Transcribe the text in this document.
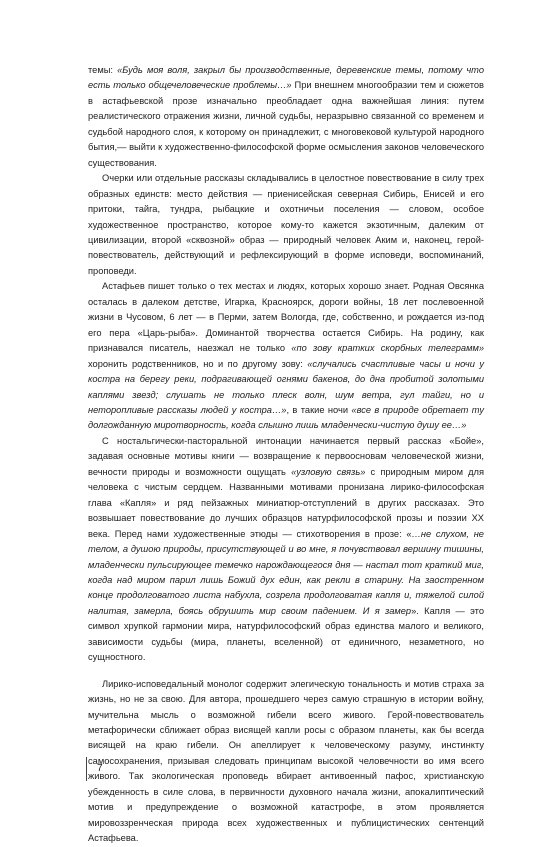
темы: «Будь моя воля, закрыл бы производственные, деревенские темы, потому что есть только общечеловеческие проблемы…» При внешнем многообразии тем и сюжетов в астафьевской прозе изначально преобладает одна важнейшая линия: путем реалистического отражения жизни, личной судьбы, неразрывно связанной со временем и судьбой народного слоя, к которому он принадлежит, с многовековой культурой народного бытия,— выйти к художественно-философской форме осмысления законов человеческого существования.

Очерки или отдельные рассказы складывались в целостное повествование в силу трех образных единств: место действия — приенисейская северная Сибирь, Енисей и его притоки, тайга, тундра, рыбацкие и охотничьи поселения — словом, особое художественное пространство, которое кому-то кажется экзотичным, далеким от цивилизации, второй «сквозной» образ — природный человек Аким и, наконец, герой-повествователь, действующий и рефлексирующий в форме исповеди, воспоминаний, проповеди.

Астафьев пишет только о тех местах и людях, которых хорошо знает. Родная Овсянка осталась в далеком детстве, Игарка, Красноярск, дороги войны, 18 лет послевоенной жизни в Чусовом, 6 лет — в Перми, затем Вологда, где, собственно, и рождается из-под его пера «Царь-рыба». Доминантой творчества остается Сибирь. На родину, как признавался писатель, наезжал не только «по зову кратких скорбных телеграмм» хоронить родственников, но и по другому зову: «случались счастливые часы и ночи у костра на берегу реки, подрагивающей огнями бакенов, до дна пробитой золотыми каплями звезд; слушать не только плеск волн, шум ветра, гул тайги, но и неторопливые рассказы людей у костра…», в такие ночи «все в природе обретает ту долгожданную миротворность, когда слышно лишь младенчески-чистую душу ее…»

С ностальгически-пасторальной интонации начинается первый рассказ «Бойе», задавая основные мотивы книги — возвращение к первоосновам человеческой жизни, вечности природы и возможности ощущать «узловую связь» с природным миром для человека с чистым сердцем. Названными мотивами пронизана лирико-философская глава «Капля» и ряд пейзажных миниатюр-отступлений в других рассказах. Это возвышает повествование до лучших образцов натурфилософской прозы и поэзии XX века. Перед нами художественные этюды — стихотворения в прозе: «…не слухом, не телом, а душою природы, присутствующей и во мне, я почувствовал вершину тишины, младенчески пульсирующее темечко нарождающегося дня — настал тот краткий миг, когда над миром парил лишь Божий дух един, как рекли в старину. На заостренном конце продолговатого листа набухла, созрела продолговатая капля и, тяжелой силой налитая, замерла, боясь обрушить мир своим падением. И я замер». Капля — это символ хрупкой гармонии мира, натурфилософский образ единства малого и великого, зависимости судьбы (мира, планеты, вселенной) от единичного, незаметного, но сущностного.

Лирико-исповедальный монолог содержит элегическую тональность и мотив страха за жизнь, но не за свою. Для автора, прошедшего через самую страшную в истории войну, мучительна мысль о возможной гибели всего живого. Герой-повествователь метафорически сближает образ висящей капли росы с образом планеты, как бы всегда висящей на краю гибели. Он апеллирует к человеческому разуму, инстинкту самосохранения, призывая следовать принципам высокой человечности во имя всего живого. Так экологическая проповедь вбирает антивоенный пафос, христианскую убежденность в силе слова, в первичности духовного начала жизни, апокалиптический мотив и предупреждение о возможной катастрофе, в этом проявляется мировоззренческая природа всех художественных и публицистических сентенций Астафьева.

7
